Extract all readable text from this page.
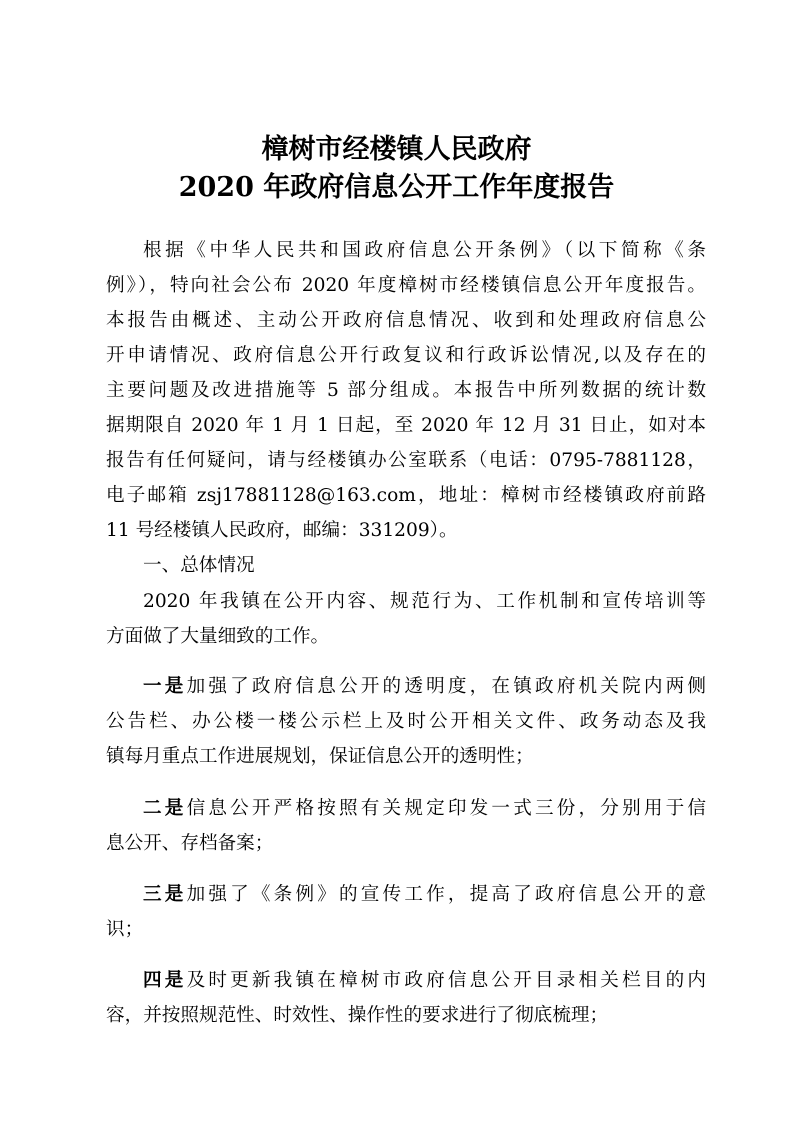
樟树市经楼镇人民政府
2020 年政府信息公开工作年度报告
根据《中华人民共和国政府信息公开条例》（以下简称《条
例》），特向社会公布 2020 年度樟树市经楼镇信息公开年度报告。
本报告由概述、主动公开政府信息情况、收到和处理政府信息公
开申请情况、政府信息公开行政复议和行政诉讼情况,以及存在的
主要问题及改进措施等 5 部分组成。本报告中所列数据的统计数
据期限自 2020 年 1 月 1 日起，至 2020 年 12 月 31 日止，如对本
报告有任何疑问，请与经楼镇办公室联系（电话：0795-7881128，
电子邮箱 zsj17881128@163.com，地址：樟树市经楼镇政府前路
11 号经楼镇人民政府，邮编：331209）。
一、总体情况
2020 年我镇在公开内容、规范行为、工作机制和宣传培训等
方面做了大量细致的工作。
一是加强了政府信息公开的透明度，在镇政府机关院内两侧
公告栏、办公楼一楼公示栏上及时公开相关文件、政务动态及我
镇每月重点工作进展规划，保证信息公开的透明性；
二是信息公开严格按照有关规定印发一式三份，分别用于信
息公开、存档备案；
三是加强了《条例》的宣传工作，提高了政府信息公开的意
识；
四是及时更新我镇在樟树市政府信息公开目录相关栏目的内
容，并按照规范性、时效性、操作性的要求进行了彻底梳理；
